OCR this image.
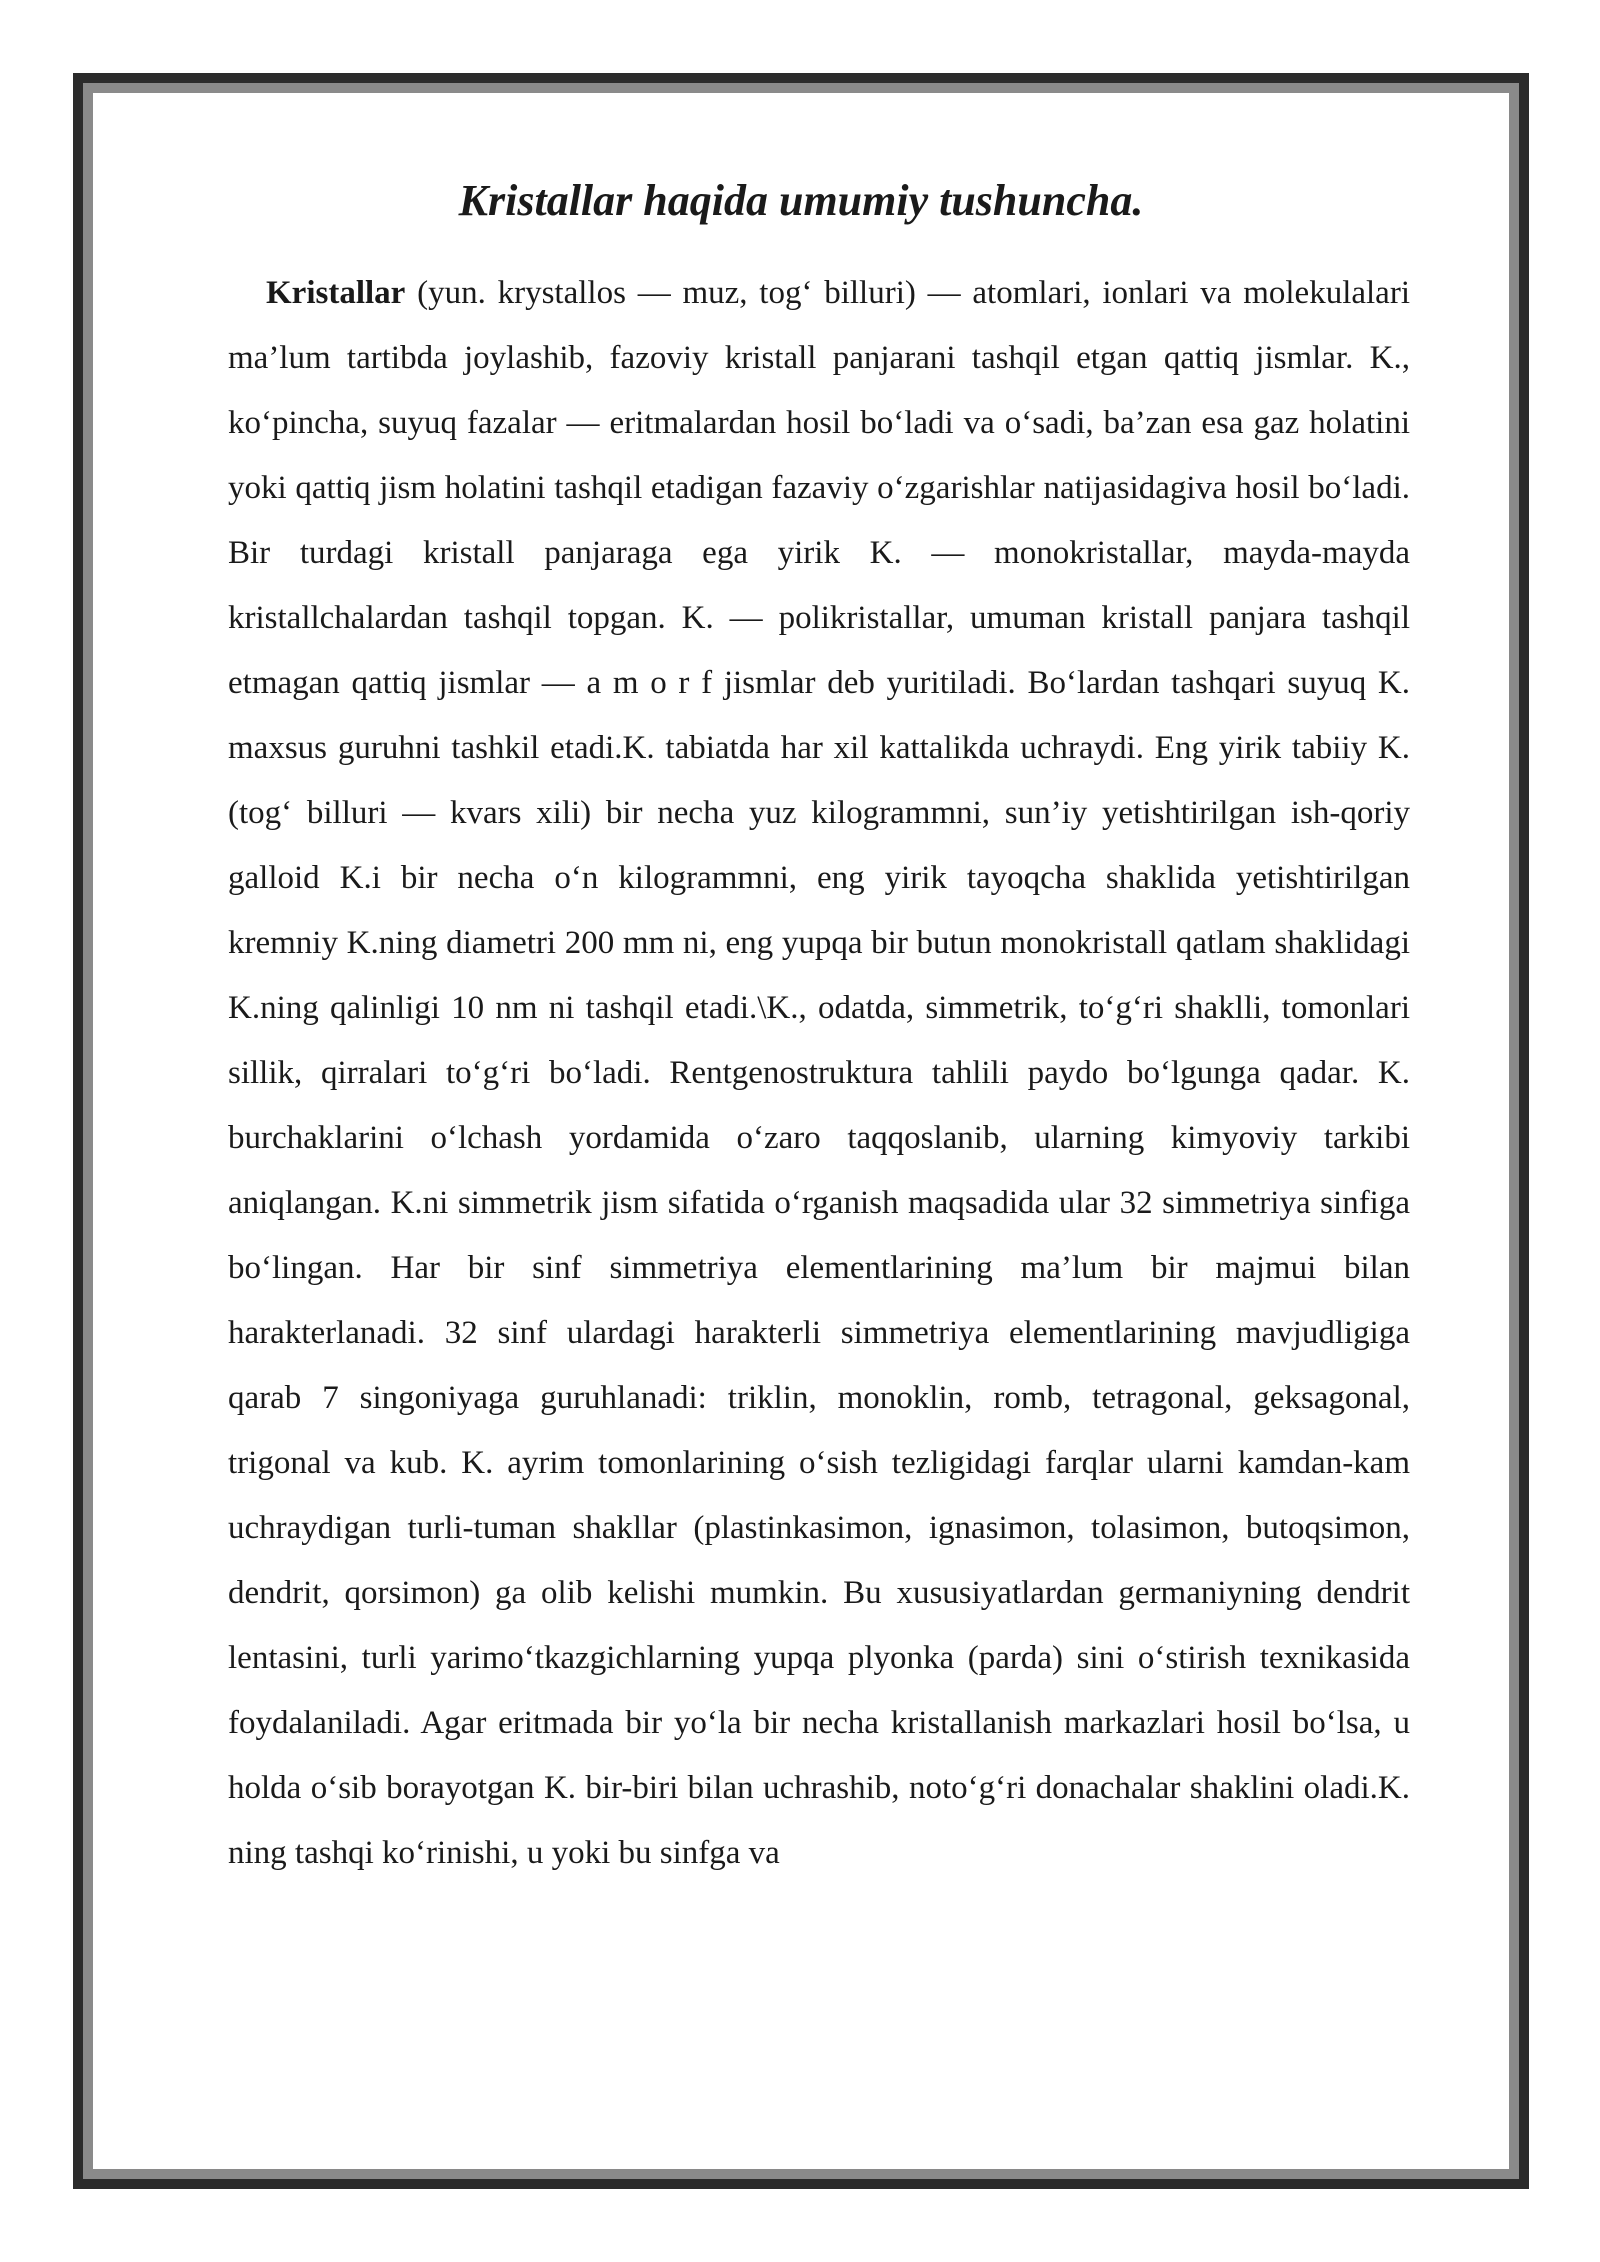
Kristallar haqida umumiy tushuncha.

Kristallar (yun. krystallos — muz, tog‘ billuri) — atomlari, ionlari va molekulalari ma’lum tartibda joylashib, fazoviy kristall panjarani tashqil etgan qattiq jismlar. K., ko‘pincha, suyuq fazalar — eritmalardan hosil bo‘ladi va o‘sadi, ba’zan esa gaz holatini yoki qattiq jism holatini tashqil etadigan fazaviy o‘zgarishlar natijasidagiva hosil bo‘ladi. Bir turdagi kristall panjaraga ega yirik K. — monokristallar, mayda-mayda kristallchalardan tashqil topgan. K. — polikristallar, umuman kristall panjara tashqil etmagan qattiq jismlar — a m o r f jismlar deb yuritiladi. Bo‘lardan tashqari suyuq K. maxsus guruhni tashkil etadi.K. tabiatda har xil kattalikda uchraydi. Eng yirik tabiiy K. (tog‘ billuri — kvars xili) bir necha yuz kilogrammni, sun’iy yetishtirilgan ish-qoriy galloid K.i bir necha o‘n kilogrammni, eng yirik tayoqcha shaklida yetishtirilgan kremniy K.ning diametri 200 mm ni, eng yupqa bir butun monokristall qatlam shaklidagi K.ning qalinligi 10 nm ni tashqil etadi.\K., odatda, simmetrik, to‘g‘ri shaklli, tomonlari sillik, qirralari to‘g‘ri bo‘ladi. Rentgenostruktura tahlili paydo bo‘lgunga qadar. K. burchaklarini o‘lchash yordamida o‘zaro taqqoslanib, ularning kimyoviy tarkibi aniqlangan. K.ni simmetrik jism sifatida o‘rganish maqsadida ular 32 simmetriya sinfiga bo‘lingan. Har bir sinf simmetriya elementlarining ma’lum bir majmui bilan harakterlanadi. 32 sinf ulardagi harakterli simmetriya elementlarining mavjudligiga qarab 7 singoniyaga guruhlanadi: triklin, monoklin, romb, tetragonal, geksagonal, trigonal va kub. K. ayrim tomonlarining o‘sish tezligidagi farqlar ularni kamdan-kam uchraydigan turli-tuman shakllar (plastinkasimon, ignasimon, tolasimon, butoqsimon, dendrit, qorsimon) ga olib kelishi mumkin. Bu xususiyatlardan germaniyning dendrit lentasini, turli yarimo‘tkazgichlarning yupqa plyonka (parda) sini o‘stirish texnikasida foydalaniladi. Agar eritmada bir yo‘la bir necha kristallanish markazlari hosil bo‘lsa, u holda o‘sib borayotgan K. bir-biri bilan uchrashib, noto‘g‘ri donachalar shaklini oladi.K. ning tashqi ko‘rinishi, u yoki bu sinfga va
